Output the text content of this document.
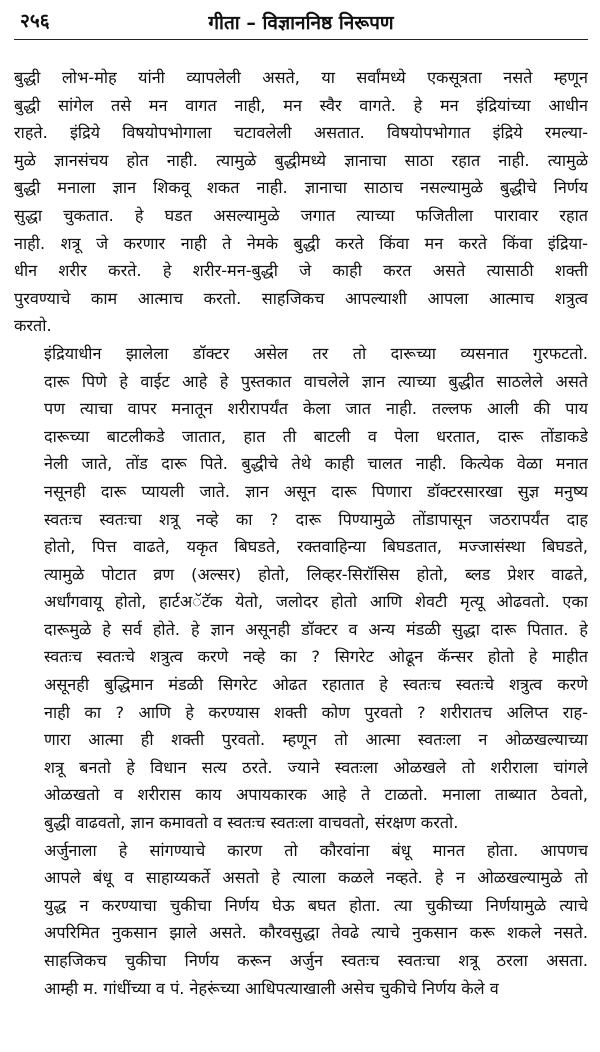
२५६	गीता – विज्ञाननिष्ठ निरूपण
बुद्धी लोभ-मोह यांनी व्यापलेली असते, या सर्वांमध्ये एकसूत्रता नसते म्हणून
बुद्धी सांगेल तसे मन वागत नाही, मन स्वैर वागते. हे मन इंद्रियांच्या आधीन
राहते. इंद्रिये विषयोपभोगाला चटावलेली असतात. विषयोपभोगात इंद्रिये रमल्या-
मुळे ज्ञानसंचय होत नाही. त्यामुळे बुद्धीमध्ये ज्ञानाचा साठा रहात नाही. त्यामुळे
बुद्धी मनाला ज्ञान शिकवू शकत नाही. ज्ञानाचा साठाच नसल्यामुळे बुद्धीचे निर्णय
सुद्धा चुकतात. हे घडत असल्यामुळे जगात त्याच्या फजितीला पारावार रहात
नाही. शत्रू जे करणार नाही ते नेमके बुद्धी करते किंवा मन करते किंवा इंद्रिया-
धीन शरीर करते. हे शरीर-मन-बुद्धी जे काही करत असते त्यासाठी शक्ती
पुरवण्याचे काम आत्माच करतो. साहजिकच आपल्याशी आपला आत्माच शत्रुत्व
करतो.
इंद्रियाधीन झालेला डॉक्टर असेल तर तो दारूच्या व्यसनात गुरफटतो.
दारू पिणे हे वाईट आहे हे पुस्तकात वाचलेले ज्ञान त्याच्या बुद्धीत साठलेले असते
पण त्याचा वापर मनातून शरीरापर्यंत केला जात नाही. तल्लफ आली की पाय
दारूच्या बाटलीकडे जातात, हात ती बाटली व पेला धरतात, दारू तोंडाकडे
नेली जाते, तोंड दारू पिते. बुद्धीचे तेथे काही चालत नाही. कित्येक वेळा मनात
नसूनही दारू प्यायली जाते. ज्ञान असून दारू पिणारा डॉक्टरसारखा सुज्ञ मनुष्य
स्वतःच स्वतःचा शत्रू नव्हे का ? दारू पिण्यामुळे तोंडापासून जठरापर्यंत दाह
होतो, पित्त वाढते, यकृत बिघडते, रक्तवाहिन्या बिघडतात, मज्जासंस्था बिघडते,
त्यामुळे पोटात व्रण (अल्सर) होतो, लिव्हर-सिरॉसिस होतो, ब्लड प्रेशर वाढते,
अर्धांगवायू होतो, हार्टअॅटॅक येतो, जलोदर होतो आणि शेवटी मृत्यू ओढवतो. एका
दारूमुळे हे सर्व होते. हे ज्ञान असूनही डॉक्टर व अन्य मंडळी सुद्धा दारू पितात. हे
स्वतःच स्वतःचे शत्रुत्व करणे नव्हे का ? सिगरेट ओढून कॅन्सर होतो हे माहीत
असूनही बुद्धिमान मंडळी सिगरेट ओढत रहातात हे स्वतःच स्वतःचे शत्रुत्व करणे
नाही का ? आणि हे करण्यास शक्ती कोण पुरवतो ? शरीरातच अलिप्त राह-
णारा आत्मा ही शक्ती पुरवतो. म्हणून तो आत्मा स्वतःला न ओळखल्याच्या
शत्रू बनतो हे विधान सत्य ठरते. ज्याने स्वतःला ओळखले तो शरीराला चांगले
ओळखतो व शरीरास काय अपायकारक आहे ते टाळतो. मनाला ताब्यात ठेवतो,
बुद्धी वाढवतो, ज्ञान कमावतो व स्वतःच स्वतःला वाचवतो, संरक्षण करतो.
अर्जुनाला हे सांगण्याचे कारण तो कौरवांना बंधू मानत होता. आपणच
आपले बंधू व साहाय्यकर्ते असतो हे त्याला कळले नव्हते. हे न ओळखल्यामुळे तो
युद्ध न करण्याचा चुकीचा निर्णय घेऊ बघत होता. त्या चुकीच्या निर्णयामुळे त्याचे
अपरिमित नुकसान झाले असते. कौरवसुद्धा तेवढे त्याचे नुकसान करू शकले नसते.
साहजिकच चुकीचा निर्णय करून अर्जुन स्वतःच स्वतःचा शत्रू ठरला असता.
आम्ही म. गांधींच्या व पं. नेहरूंच्या आधिपत्याखाली असेच चुकीचे निर्णय केले व
